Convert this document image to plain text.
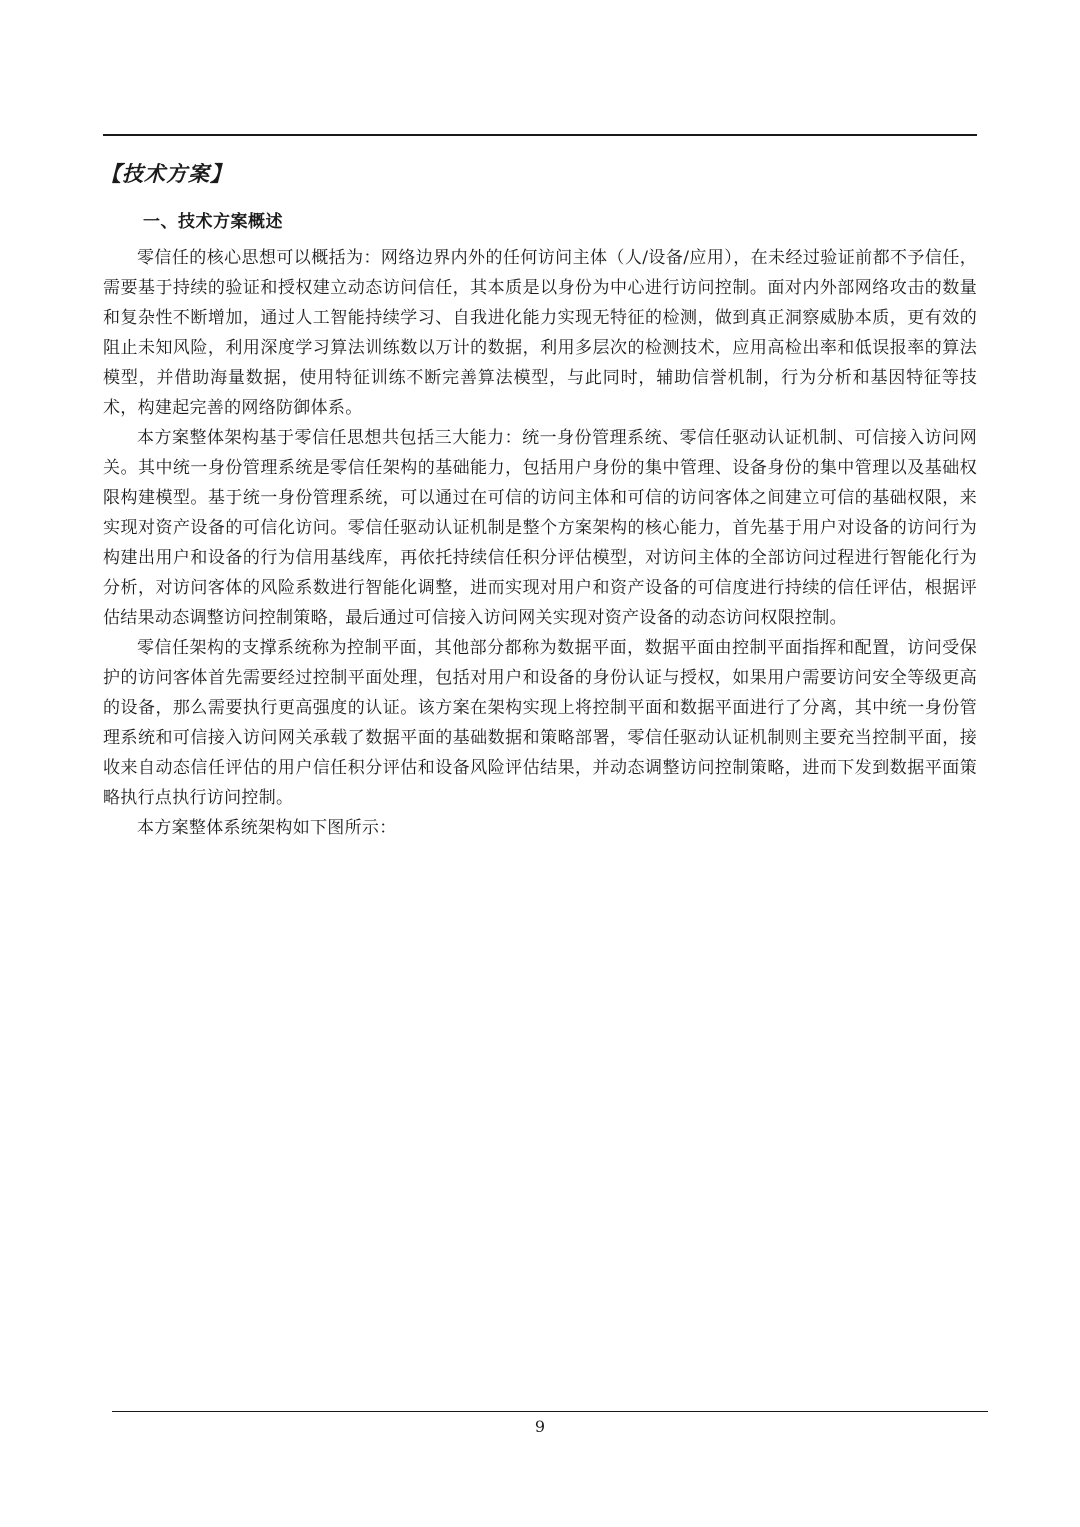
【技术方案】
一、技术方案概述

零信任的核心思想可以概括为：网络边界内外的任何访问主体（人/设备/应用），在未经过验证前都不予信任，需要基于持续的验证和授权建立动态访问信任，其本质是以身份为中心进行访问控制。面对内外部网络攻击的数量和复杂性不断增加，通过人工智能持续学习、自我进化能力实现无特征的检测，做到真正洞察威胁本质，更有效的阻止未知风险，利用深度学习算法训练数以万计的数据，利用多层次的检测技术，应用高检出率和低误报率的算法模型，并借助海量数据，使用特征训练不断完善算法模型，与此同时，辅助信誉机制，行为分析和基因特征等技术，构建起完善的网络防御体系。

本方案整体架构基于零信任思想共包括三大能力：统一身份管理系统、零信任驱动认证机制、可信接入访问网关。其中统一身份管理系统是零信任架构的基础能力，包括用户身份的集中管理、设备身份的集中管理以及基础权限构建模型。基于统一身份管理系统，可以通过在可信的访问主体和可信的访问客体之间建立可信的基础权限，来实现对资产设备的可信化访问。零信任驱动认证机制是整个方案架构的核心能力，首先基于用户对设备的访问行为构建出用户和设备的行为信用基线库，再依托持续信任积分评估模型，对访问主体的全部访问过程进行智能化行为分析，对访问客体的风险系数进行智能化调整，进而实现对用户和资产设备的可信度进行持续的信任评估，根据评估结果动态调整访问控制策略，最后通过可信接入访问网关实现对资产设备的动态访问权限控制。

零信任架构的支撑系统称为控制平面，其他部分都称为数据平面，数据平面由控制平面指挥和配置，访问受保护的访问客体首先需要经过控制平面处理，包括对用户和设备的身份认证与授权，如果用户需要访问安全等级更高的设备，那么需要执行更高强度的认证。该方案在架构实现上将控制平面和数据平面进行了分离，其中统一身份管理系统和可信接入访问网关承载了数据平面的基础数据和策略部署，零信任驱动认证机制则主要充当控制平面，接收来自动态信任评估的用户信任积分评估和设备风险评估结果，并动态调整访问控制策略，进而下发到数据平面策略执行点执行访问控制。

本方案整体系统架构如下图所示：

9
